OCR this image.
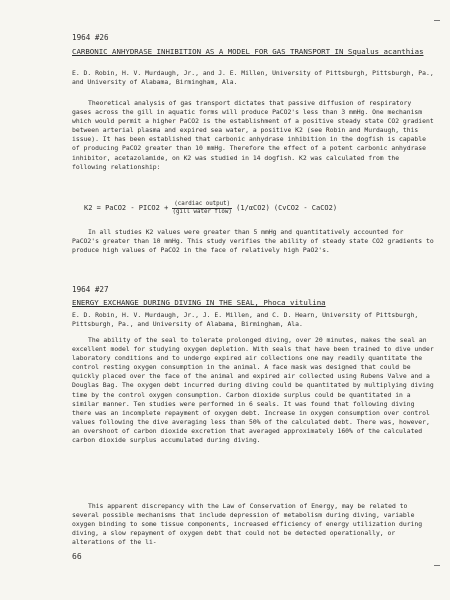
1964 #26
CARBONIC ANHYDRASE INHIBITION AS A MODEL FOR GAS TRANSPORT IN Squalus acanthias
E. D. Robin, H. V. Murdaugh, Jr., and J. E. Millen, University of Pittsburgh, Pittsburgh, Pa., and University of Alabama, Birmingham, Ala.
Theoretical analysis of gas transport dictates that passive diffusion of respiratory gases across the gill in aquatic forms will produce PaCO2's less than 3 mmHg. One mechanism which would permit a higher PaCO2 is the establishment of a positive steady state CO2 gradient between arterial plasma and expired sea water, a positive K2 (see Robin and Murdaugh, this issue). It has been established that carbonic anhydrase inhibition in the dogfish is capable of producing PaCO2 greater than 10 mmHg. Therefore the effect of a potent carbonic anhydrase inhibitor, acetazolamide, on K2 was studied in 14 dogfish. K2 was calculated from the following relationship:
K2 = PaCO2 - PICO2 + $\frac{\text{(cardiac output)}}{\text{(gill water flow)}} (1/\alpha CO2)$ (CvCO2 - CaCO2)
In all studies K2 values were greater than 5 mmHg and quantitatively accounted for PaCO2's greater than 10 mmHg. This study verifies the ability of steady state CO2 gradients to produce high values of PaCO2 in the face of relatively high PaO2's.
1964 #27
ENERGY EXCHANGE DURING DIVING IN THE SEAL, Phoca vitulina
E. D. Robin, H. V. Murdaugh, Jr., J. E. Millen, and C. D. Hearn, University of Pittsburgh, Pittsburgh, Pa., and University of Alabama, Birmingham, Ala.
The ability of the seal to tolerate prolonged diving, over 20 minutes, makes the seal an excellent model for studying oxygen depletion. With seals that have been trained to dive under laboratory conditions and to undergo expired air collections one may readily quantitate the control resting oxygen consumption in the animal. A face mask was designed that could be quickly placed over the face of the animal and expired air collected using Rubens Valve and a Douglas Bag. The oxygen debt incurred during diving could be quantitated by multiplying diving time by the control oxygen consumption. Carbon dioxide surplus could be quantitated in a similar manner. Ten studies were performed in 6 seals. It was found that following diving there was an incomplete repayment of oxygen debt. Increase in oxygen consumption over control values following the dive averaging less than 50% of the calculated debt. There was, however, an overshoot of carbon dioxide excretion that averaged approximately 160% of the calculated carbon dioxide surplus accumulated during diving.
This apparent discrepancy with the Law of Conservation of Energy, may be related to several possible mechanisms that include depression of metabolism during diving, variable oxygen binding to some tissue components, increased efficiency of energy utilization during diving, a slow repayment of oxygen debt that could not be detected operationally, or alterations of the li-
66
